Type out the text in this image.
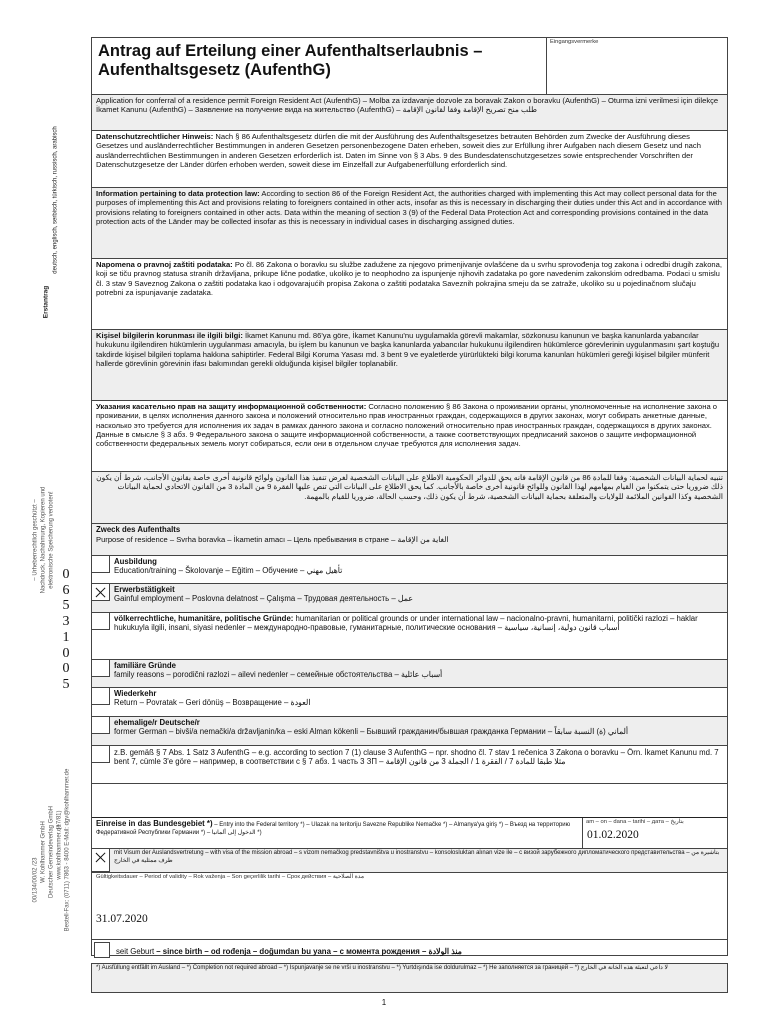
Erstantrag
deutsch, englisch, serbisch, türkisch, russisch, arabisch
0
6
5
3
1
0
0
5
– Urheberrechtlich geschützt – Nachdruck, Nachahmung, Kopieren und elektronische Speicherung verboten!
00/134/00/02 /23 W. Kohlhammer GmbH Deutscher Gemeindeverlag GmbH www.kohlhammer.de
(17/81) Bestell-Fax: (0711) 7863 - 8400 E-Mail: dgv@kohlhammer.de
Antrag auf Erteilung einer Aufenthaltserlaubnis –
Aufenthaltsgesetz (AufenthG)
Eingangsvermerke
Application for conferral of a residence permit Foreign Resident Act (AufenthG) – Molba za izdavanje dozvole za boravak Zakon o boravku (AufenthG) – Oturma izni verilmesi için dilekçe İkamet Kanunu (AufenthG) – Заявление на получение вида на жительство (AufenthG) – طلب منح تصريح الإقامة وفقا لقانون الإقامة
Datenschutzrechtlicher Hinweis: Nach § 86 Aufenthaltsgesetz dürfen die mit der Ausführung des Aufenthaltsgesetzes betrauten Behörden zum Zwecke der Ausführung dieses Gesetzes und ausländerrechtlicher Bestimmungen in anderen Gesetzen personenbezogene Daten erheben, soweit dies zur Erfüllung ihrer Aufgaben nach diesem Gesetz und nach ausländerrechtlichen Bestimmungen in anderen Gesetzen erforderlich ist. Daten im Sinne von § 3 Abs. 9 des Bundesdatenschutzgesetzes sowie entsprechender Vorschriften der Datenschutzgesetze der Länder dürfen erhoben werden, soweit diese im Einzelfall zur Aufgabenerfüllung erforderlich sind.
Information pertaining to data protection law: According to section 86 of the Foreign Resident Act, the authorities charged with implementing this Act may collect personal data for the purposes of implementing this Act and provisions relating to foreigners contained in other acts, insofar as this is necessary in discharging their duties under this Act and in accordance with provisions relating to foreigners contained in other acts. Data within the meaning of section 3 (9) of the Federal Data Protection Act and corresponding provisions contained in the data protection acts of the Länder may be collected insofar as this is necessary in individual cases in discharging assigned duties.
Napomena o pravnoj zaštiti podataka: Po čl. 86 Zakona o boravku su službe zadužene za njegovo primenjivanje ovlašćene da u svrhu sprovođenja tog zakona i odredbi drugih zakona, koji se tiču pravnog statusa stranih državljana, prikupe lične podatke, ukoliko je to neophodno za ispunjenje njihovih zadataka po gore navedenim zakonskim odredbama. Podaci u smislu čl. 3 stav 9 Saveznog Zakona o zaštiti podataka kao i odgovarajućih propisa Zakona o zaštiti podataka Saveznih pokrajina smeju da se zatraže, ukoliko su u pojedinačnom slučaju potrebni za ispunjavanje zadataka.
Kişisel bilgilerin korunması ile ilgili bilgi: İkamet Kanunu md. 86'ya göre, İkamet Kanunu'nu uygulamakla görevli makamlar, sözkonusu kanunun ve başka kanunlarda yabancılar hukukunu ilgilendiren hükümlerin uygulanması amacıyla, bu işlem bu kanunun ve başka kanunlarda yabancılar hukukunu ilgilendiren hükümlerce görevlerinin uygulanmasını şart koştuğu takdirde kişisel bilgileri toplama hakkına sahiptirler. Federal Bilgi Koruma Yasası md. 3 bent 9 ve eyaletlerde yürürlükteki bilgi koruma kanunları hükümleri gereği kişisel bilgiler münferit hallerde görevlinin görevinin ifası bakımından gerekli olduğunda kişisel bilgiler toplanabilir.
Указания касательно прав на защиту информационной собственности: Согласно положению § 86 Закона о проживании органы, уполномоченные на исполнение закона о проживании, в целях исполнения данного закона и положений относительно прав иностранных граждан, содержащихся в других законах, могут собирать анкетные данные, насколько это требуется для исполнения их задач в рамках данного закона и согласно положений относительно прав иностранных граждан, содержащихся в других законах. Данные в смысле § 3 абз. 9 Федерального закона о защите информационной собственности, а также соответствующих предписаний законов о защите информационной собственности федеральных земель могут собираться, если они в отдельном случае требуются для исполнения задач.
تنبيه لحماية البيانات الشخصية: وفقا للمادة 86 من قانون الإقامة فانه يحق للدوائر الحكومية الاطلاع على البيانات الشخصية لغرض تنفيذ هذا القانون ولوائح قانونية أخرى خاصة بقانون الأجانب، شرط أن يكون ذلك ضروريا حتى يتمكنوا من القيام بمهامهم لهذا القانون وللوائح قانونية أخرى خاصة بالأجانب. كما يحق الاطلاع على البيانات التي تنص عليها الفقرة 9 من المادة 3 من القانون الاتحادي لحماية البيانات الشخصية وكذا القوانين الملائمة للولايات والمتعلقة بحماية البيانات الشخصية، شرط أن يكون ذلك، وحسب الحالة، ضروريا للقيام بالمهمة.
Zweck des Aufenthalts
Purpose of residence – Svrha boravka – İkametin amacı – Цель пребывания в стране – الغاية من الإقامة
Ausbildung
Education/training – Školovanje – Eğitim – Обучение – تأهيل مهني
Erwerbstätigkeit
Gainful employment – Poslovna delatnost – Çalışma – Трудовая деятельность – عمل
völkerrechtliche, humanitäre, politische Gründe: humanitarian or political grounds or under international law – nacionalno-pravni, humanitarni, politički razlozi – haklar hukukuyla ilgili, insani, siyasi nedenler – международно-правовые, гуманитарные, политические основания – أسباب قانون دولية، إنسانية، سياسية
familiäre Gründe
family reasons – porodični razlozi – ailevi nedenler – семейные обстоятельства – أسباب عائلية
Wiederkehr
Return – Povratak – Geri dönüş – Возвращение – العودة
ehemalige/r Deutsche/r
former German – bivši/a nemački/a državljanin/ka – eski Alman kökenli – Бывший гражданин/бывшая гражданка Германии – ألماني (ة) النسبة سابقاً
z.B. gemäß § 7 Abs. 1 Satz 3 AufenthG – e.g. according to section 7 (1) clause 3 AufenthG – npr. shodno čl. 7 stav 1 rečenica 3 Zakona o boravku – Örn. İkamet Kanunu md. 7 bent 7, cümle 3'e göre – например, в соответствии с § 7 абз. 1 часть 3 ЗП – مثلا طبقا للمادة 7 / الفقرة 1 / الجملة 3 من قانون الإقامة
Einreise in das Bundesgebiet *) – Entry into the Federal territory *) – Ulazak na teritoriju Savezne Republike Nemačke *) – Almanya'ya giriş *) – Въезд на территорию Федеративной Республики Германии *) – الدخول إلى ألمانيا *)
am – on – dana – tarihi – дата – بتاريخ
01.02.2020
mit Visum der Auslandsvertretung – with visa of the mission abroad – s vizom nemačkog predstavništva u inostranstvu – konsolosluktan alınan vize ile – с визой зарубежного дипломатического представительства – بتأشيرة من طرف ممثلية في الخارج
Gültigkeitsdauer – Period of validity – Rok važenja – Son geçerlilik tarihi – Срок действия – مدة الصلاحية
31.07.2020
seit Geburt – since birth – od rođenja – doğumdan bu yana – с момента рождения – منذ الولادة
*) Ausfüllung entfällt im Ausland – *) Completion not required abroad – *) Ispunjavanje se ne vrši u inostranstvu – *) Yurtdışında ise doldurulmaz – *) Не заполняется за границей – *) لا داعي لتعبئة هذه الخانة في الخارج
1
